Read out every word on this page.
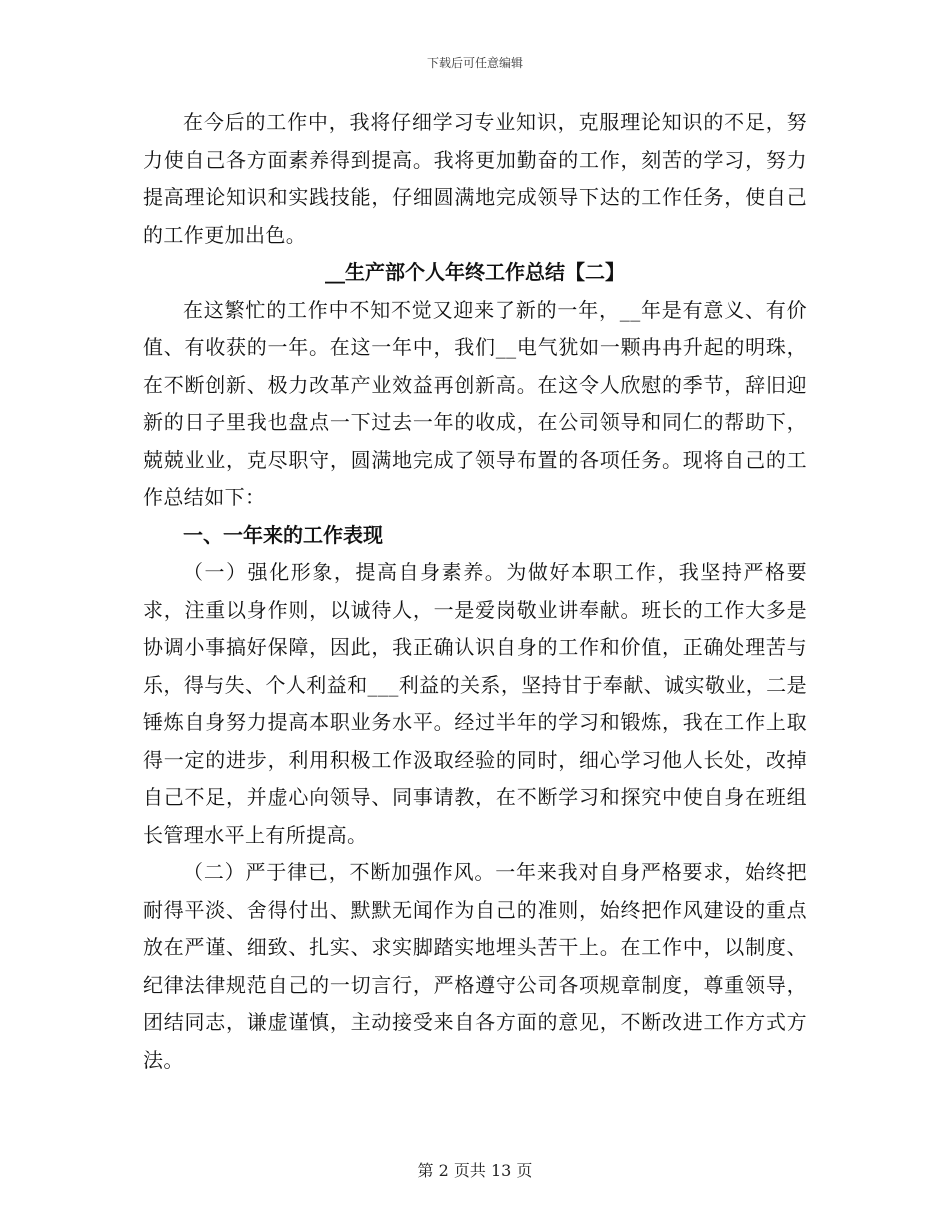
下载后可任意编辑

在今后的工作中，我将仔细学习专业知识，克服理论知识的不足，努力使自己各方面素养得到提高。我将更加勤奋的工作，刻苦的学习，努力提高理论知识和实践技能，仔细圆满地完成领导下达的工作任务，使自己的工作更加出色。

__生产部个人年终工作总结【二】

在这繁忙的工作中不知不觉又迎来了新的一年，__年是有意义、有价值、有收获的一年。在这一年中，我们__电气犹如一颗冉冉升起的明珠，在不断创新、极力改革产业效益再创新高。在这令人欣慰的季节，辞旧迎新的日子里我也盘点一下过去一年的收成，在公司领导和同仁的帮助下，兢兢业业，克尽职守，圆满地完成了领导布置的各项任务。现将自己的工作总结如下：

一、一年来的工作表现

（一）强化形象，提高自身素养。为做好本职工作，我坚持严格要求，注重以身作则，以诚待人，一是爱岗敬业讲奉献。班长的工作大多是协调小事搞好保障，因此，我正确认识自身的工作和价值，正确处理苦与乐，得与失、个人利益和___利益的关系，坚持甘于奉献、诚实敬业，二是锤炼自身努力提高本职业务水平。经过半年的学习和锻炼，我在工作上取得一定的进步，利用积极工作汲取经验的同时，细心学习他人长处，改掉自己不足，并虚心向领导、同事请教，在不断学习和探究中使自身在班组长管理水平上有所提高。

（二）严于律已，不断加强作风。一年来我对自身严格要求，始终把耐得平淡、舍得付出、默默无闻作为自己的准则，始终把作风建设的重点放在严谨、细致、扎实、求实脚踏实地埋头苦干上。在工作中，以制度、纪律法律规范自己的一切言行，严格遵守公司各项规章制度，尊重领导，团结同志，谦虚谨慎，主动接受来自各方面的意见，不断改进工作方式方法。

第 2 页共 13 页
